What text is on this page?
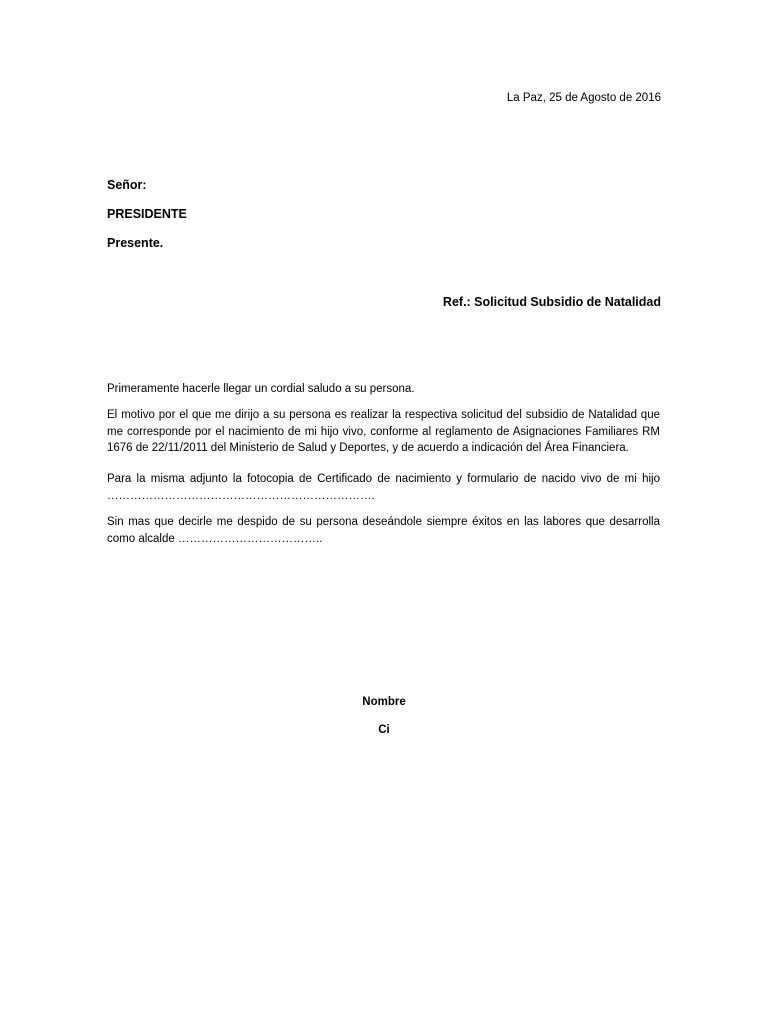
La Paz, 25 de Agosto de 2016
Señor:
PRESIDENTE
Presente.
Ref.: Solicitud Subsidio de Natalidad

Primeramente hacerle llegar un cordial saludo a su persona.

El motivo por el que me dirijo a su persona es realizar la respectiva solicitud del subsidio de Natalidad que me corresponde por el nacimiento de mi hijo vivo, conforme al reglamento de Asignaciones Familiares RM 1676 de 22/11/2011 del Ministerio de Salud y Deportes, y de acuerdo a indicación del Área Financiera.

Para la misma adjunto la fotocopia de Certificado de nacimiento y formulario de nacido vivo de mi hijo …………………………………………………………….

Sin mas que decirle me despido de su persona deseándole siempre éxitos en las labores que desarrolla como alcalde ………………………………..

Nombre
Ci
